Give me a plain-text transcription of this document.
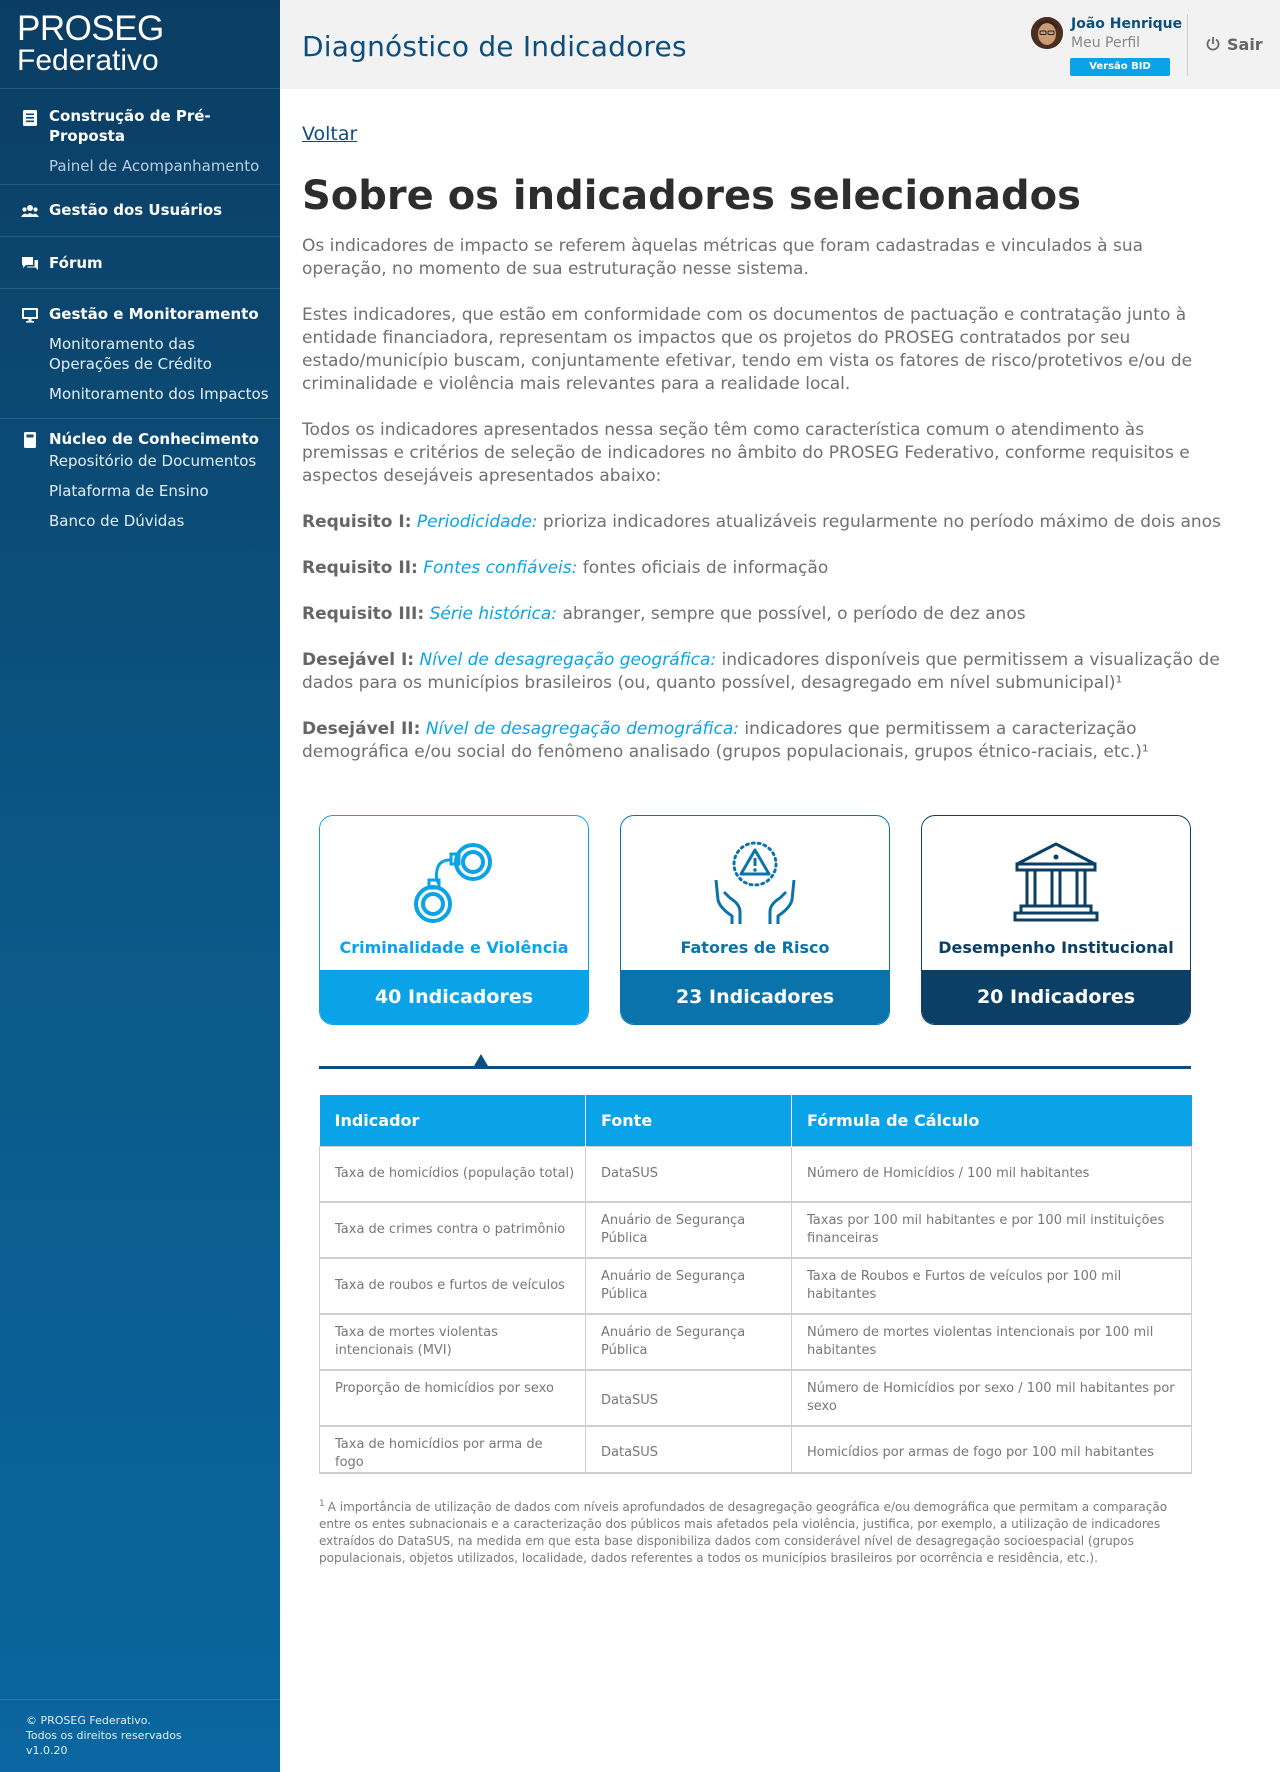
PROSEG
Federativo
Construção de Pré-Proposta
Painel de Acompanhamento
Gestão dos Usuários
Fórum
Gestão e Monitoramento
Monitoramento das
Operações de Crédito
Monitoramento dos Impactos
Núcleo de Conhecimento
Repositório de Documentos
Plataforma de Ensino
Banco de Dúvidas
© PROSEG Federativo.
Todos os direitos reservados
v1.0.20
Diagnóstico de Indicadores
João Henrique
Meu Perfil
Versão BID
Sair
Voltar
Sobre os indicadores selecionados

Os indicadores de impacto se referem àquelas métricas que foram cadastradas e vinculados à sua operação, no momento de sua estruturação nesse sistema.

Estes indicadores, que estão em conformidade com os documentos de pactuação e contratação junto à entidade financiadora, representam os impactos que os projetos do PROSEG contratados por seu estado/município buscam, conjuntamente efetivar, tendo em vista os fatores de risco/protetivos e/ou de criminalidade e violência mais relevantes para a realidade local.

Todos os indicadores apresentados nessa seção têm como característica comum o atendimento às premissas e critérios de seleção de indicadores no âmbito do PROSEG Federativo, conforme requisitos e aspectos desejáveis apresentados abaixo:

Requisito I: Periodicidade: prioriza indicadores atualizáveis regularmente no período máximo de dois anos

Requisito II: Fontes confiáveis: fontes oficiais de informação

Requisito III: Série histórica: abranger, sempre que possível, o período de dez anos

Desejável I: Nível de desagregação geográfica: indicadores disponíveis que permitissem a visualização de dados para os municípios brasileiros (ou, quanto possível, desagregado em nível submunicipal)¹

Desejável II: Nível de desagregação demográfica: indicadores que permitissem a caracterização demográfica e/ou social do fenômeno analisado (grupos populacionais, grupos étnico-raciais, etc.)¹

Criminalidade e Violência
40 Indicadores
Fatores de Risco
23 Indicadores
Desempenho Institucional
20 Indicadores
Indicador	Fonte	Fórmula de Cálculo
Taxa de homicídios (população total)	DataSUS	Número de Homicídios / 100 mil habitantes
Taxa de crimes contra o patrimônio	Anuário de Segurança Pública	Taxas por 100 mil habitantes e por 100 mil instituições financeiras
Taxa de roubos e furtos de veículos	Anuário de Segurança Pública	Taxa de Roubos e Furtos de veículos por 100 mil habitantes
Taxa de mortes violentas intencionais (MVI)	Anuário de Segurança Pública	Número de mortes violentas intencionais por 100 mil habitantes
Proporção de homicídios por sexo	DataSUS	Número de Homicídios por sexo / 100 mil habitantes por sexo
Taxa de homicídios por arma de fogo	DataSUS	Homicídios por armas de fogo por 100 mil habitantes

$^1$ A importância de utilização de dados com níveis aprofundados de desagregação geográfica e/ou demográfica que permitam a comparação entre os entes subnacionais e a caracterização dos públicos mais afetados pela violência, justifica, por exemplo, a utilização de indicadores extraídos do DataSUS, na medida em que esta base disponibiliza dados com considerável nível de desagregação socioespacial (grupos populacionais, objetos utilizados, localidade, dados referentes a todos os municípios brasileiros por ocorrência e residência, etc.).
